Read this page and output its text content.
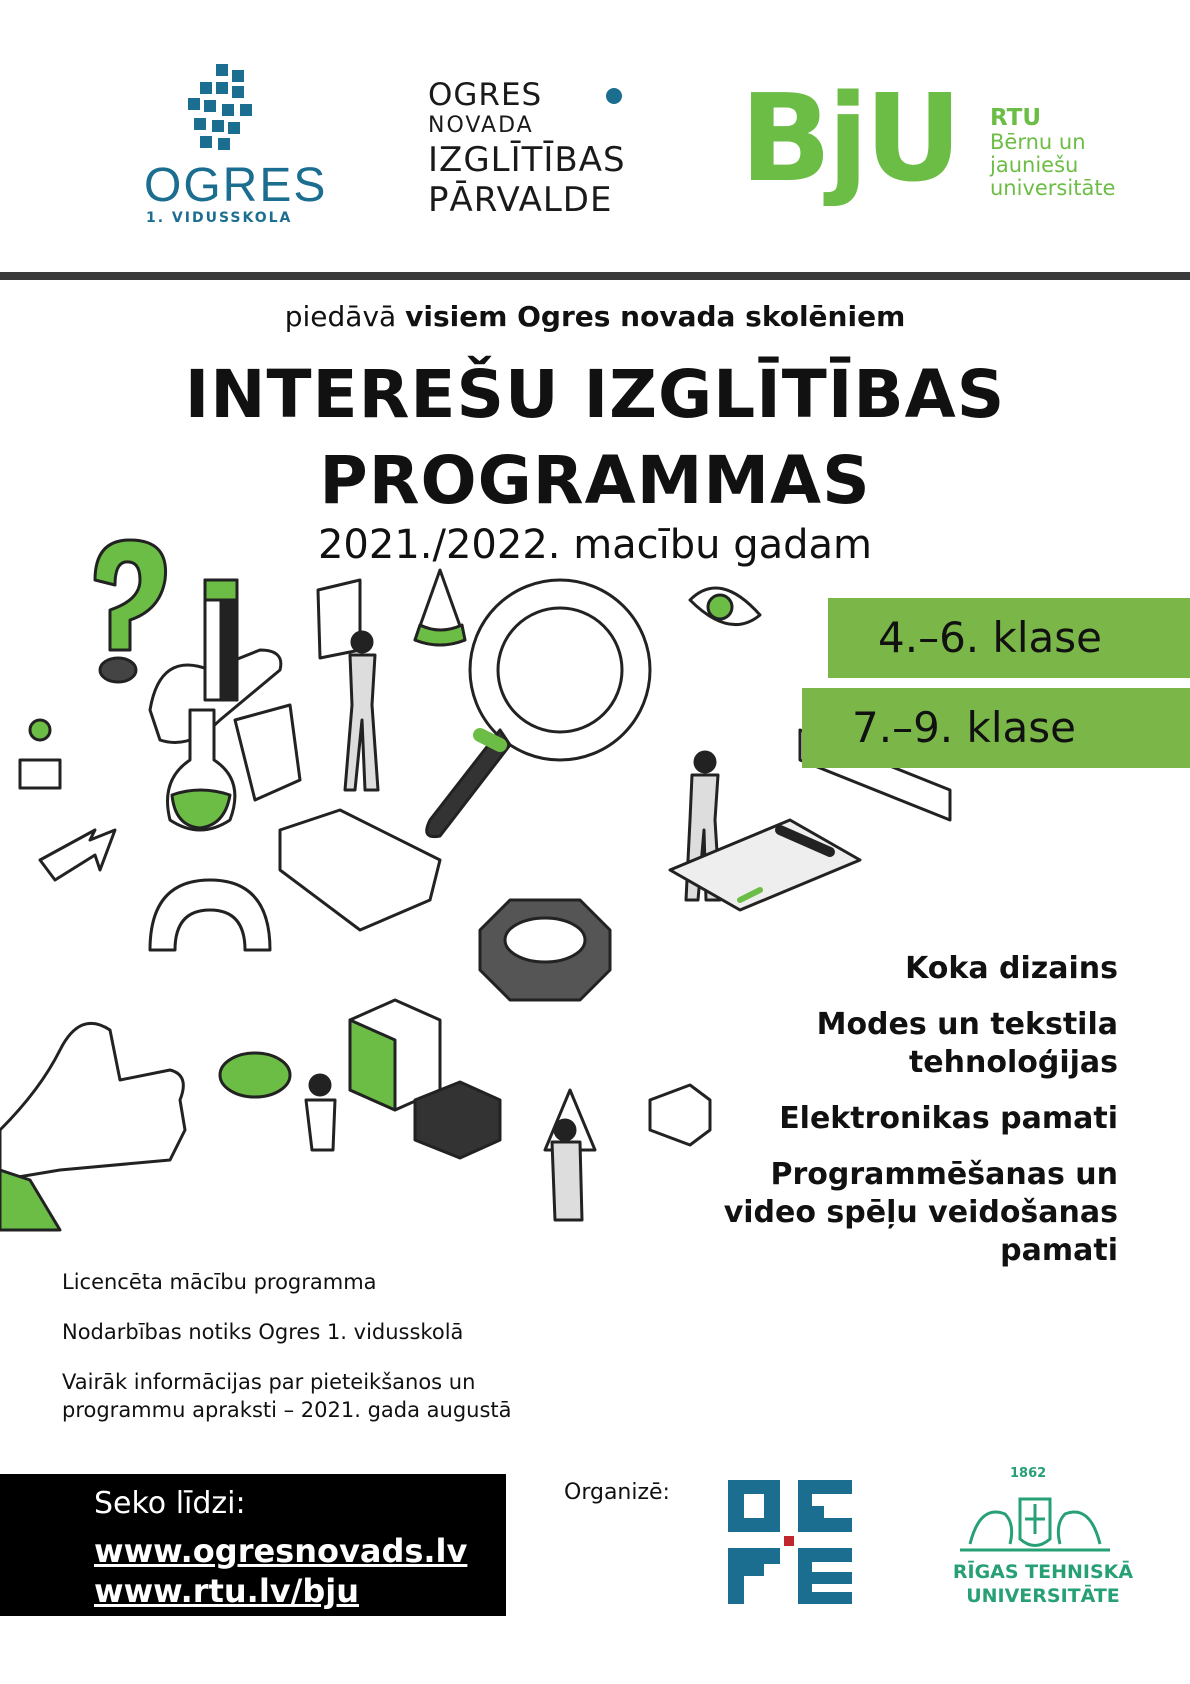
OGRES
1. VIDUSSKOLA
OGRES
NOVADA
IZGLĪTĪBAS
PĀRVALDE BjU RTU
Bērnu un
jauniešu
universitāte
piedāvā visiem Ogres novada skolēniem
INTEREŠU IZGLĪTĪBAS
PROGRAMMAS
2021./2022. macību gadam
4.–6. klase
7.–9. klase
Koka dizains
Modes un tekstila
tehnoloģijas
Elektronikas pamati
Programmēšanas un
video spēļu veidošanas
pamati

Licencēta mācību programma

Nodarbības notiks Ogres 1. vidusskolā

Vairāk informācijas par pieteikšanos un
programmu apraksti – 2021. gada augustā

Seko līdzi:
www.ogresnovads.lv
www.rtu.lv/bju
Organizē:
1862
RĪGAS TEHNISKĀ
UNIVERSITĀTE
